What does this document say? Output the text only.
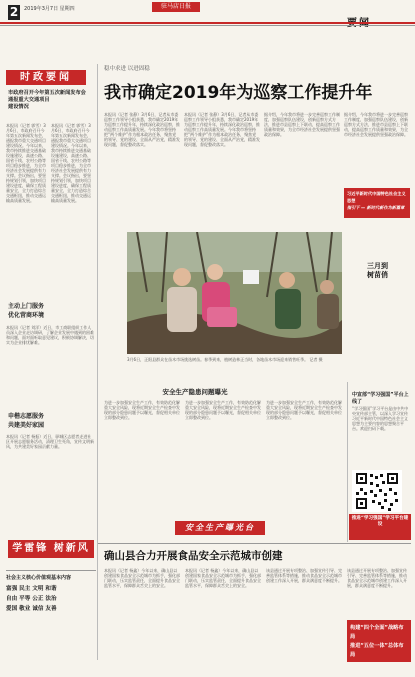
2	2019年3月7日 星期四	驻马店日报
时政要闻
市政府召开今年第五次新闻发布会
通报重大交通项目
建设情况
本报讯（记者 郭雪）3月6日，市政府召开今年第五次新闻发布会，通报我市重大交通项目建设情况。今年以来，我市持续推进交通基础设施建设，高速公路、国省干线、农村公路等项目稳步推进，为全市经济社会发展提供有力支撑。会议指出，要坚持规划引领，加快项目建设进度，确保工程质量安全，全力打造综合交通枢纽，推动交通运输高质量发展。
本报讯（记者 郭雪）3月6日，市政府召开今年第五次新闻发布会，通报我市重大交通项目建设情况。今年以来，我市持续推进交通基础设施建设，高速公路、国省干线、农村公路等项目稳步推进，为全市经济社会发展提供有力支撑。会议指出，要坚持规划引领，加快项目建设进度，确保工程质量安全，全力打造综合交通枢纽，推动交通运输高质量发展。
主动上门服务
优化营商环境
本报讯（记者 刘洋）近日，市工商联组织工作人员深入企业走访调研，了解企业发展中遇到的困难和问题，面对面听取意见建议，积极协调解决，切实为企业排忧解难。
申楷志愿服务
共建美好家园
本报讯（记者 杨振）近日，驿城区志愿者走进社区开展志愿服务活动，清理卫生死角，宣传文明新风，为共建美好家园贡献力量。
学雷锋 树新风
社会主义核心价值观基本内容
富强 民主 文明 和谐
自由 平等 公正 法治
爱国 敬业 诚信 友善
稳中求进 以进固稳
我市确定2019年为巡察工作提升年
本报讯（记者 张静）3月6日，记者从市委巡察工作领导小组获悉，我市确定2019年为巡察工作提升年，持续深化政治巡察，推动巡察工作高质量发展。今年我市将坚持把“两个维护”作为根本政治任务，聚焦党的领导、党的建设、全面从严治党，精准发现问题，督促整改落实。
本报讯（记者 张静）3月6日，记者从市委巡察工作领导小组获悉，我市确定2019年为巡察工作提升年，持续深化政治巡察，推动巡察工作高质量发展。今年我市将坚持把“两个维护”作为根本政治任务，聚焦党的领导、党的建设、全面从严治党，精准发现问题，督促整改落实。
据介绍，今年我市将进一步完善巡察工作制度，加强巡察队伍建设，创新巡察方式方法，推进市县巡察上下联动，提高巡察工作质量和效果，为全市经济社会发展提供坚强政治保障。
据介绍，今年我市将进一步完善巡察工作制度，加强巡察队伍建设，创新巡察方式方法，推进市县巡察上下联动，提高巡察工作质量和效果，为全市经济社会发展提供坚强政治保障。
习近平新时代中国特色社会主义思想
指引下 — 新时代新作为新篇章
三月到
树苗俏
3月6日，正阳县群众在苗木市场挑选树苗。春季到来，植树造林正当时，各地苗木市场迎来销售旺季。 记者 摄
安全生产隐患问题曝光
为进一步加强安全生产工作，有效防范化解重大安全风险，现将近期安全生产检查中发现的部分隐患问题予以曝光，督促相关单位立即整改到位。
为进一步加强安全生产工作，有效防范化解重大安全风险，现将近期安全生产检查中发现的部分隐患问题予以曝光，督促相关单位立即整改到位。
为进一步加强安全生产工作，有效防范化解重大安全风险，现将近期安全生产检查中发现的部分隐患问题予以曝光，督促相关单位立即整改到位。
安全生产曝光台
中宣部“学习强国”平台上线了
“学习强国”学习平台是由中共中央宣传部主管，以深入学习宣传习近平新时代中国特色社会主义思想为主要内容的思想聚合平台。欢迎扫码下载。
推进“学习强国”学习平台建设
确山县合力开展食品安全示范城市创建
本报讯（记者 杨鑫）今年以来，确山县以创建国家食品安全示范城市为抓手，强化部门联动，压实监管责任，全面提升食品安全监管水平，保障群众舌尖上的安全。
本报讯（记者 杨鑫）今年以来，确山县以创建国家食品安全示范城市为抓手，强化部门联动，压实监管责任，全面提升食品安全监管水平，保障群众舌尖上的安全。
该县通过开展专项整治、加强宣传引导、完善监管体系等措施，推动食品安全示范城市创建工作深入开展，群众满意度不断提升。
该县通过开展专项整治、加强宣传引导、完善监管体系等措施，推动食品安全示范城市创建工作深入开展，群众满意度不断提升。
构建“四个全面”战略布局
推进“五位一体”总体布局
